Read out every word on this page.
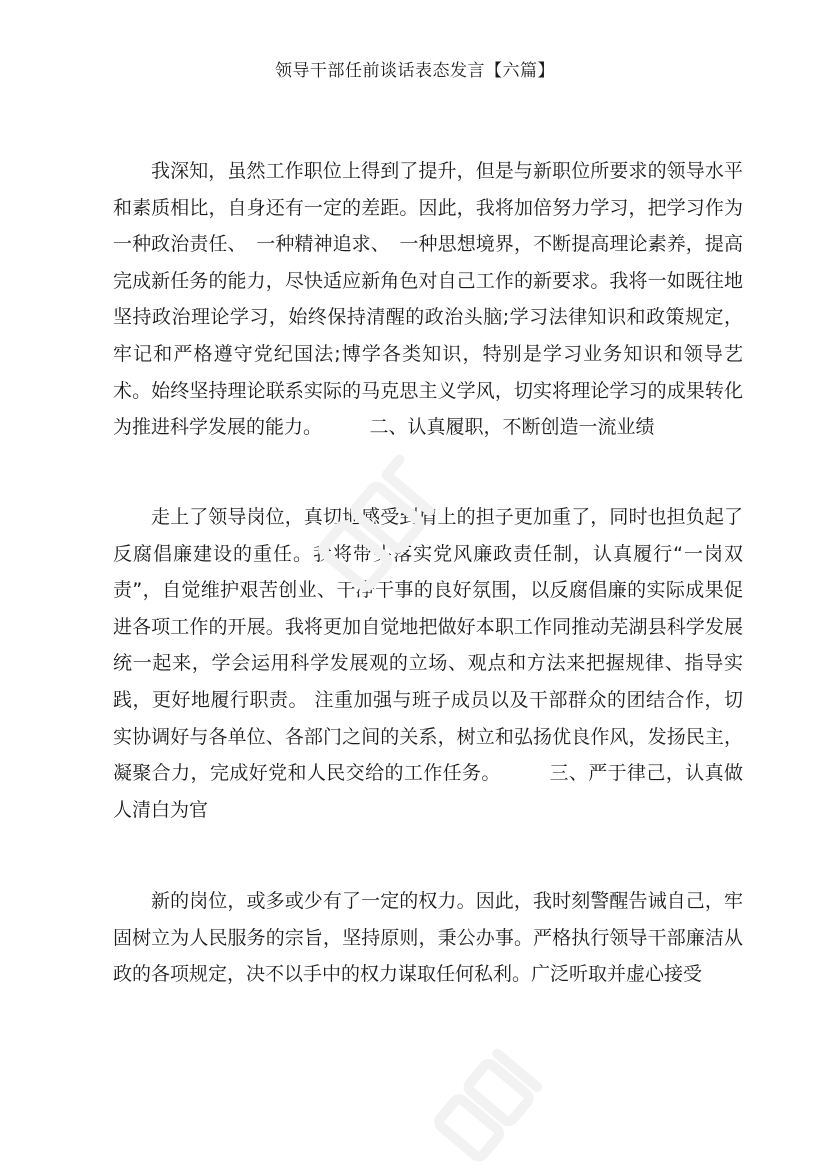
领导干部任前谈话表态发言【六篇】

我深知，虽然工作职位上得到了提升，但是与新职位所要求的领导水平和素质相比，自身还有一定的差距。因此，我将加倍努力学习，把学习作为一种政治责任、　一种精神追求、　一种思想境界，不断提高理论素养，提高完成新任务的能力，尽快适应新角色对自己工作的新要求。我将一如既往地坚持政治理论学习，始终保持清醒的政治头脑;学习法律知识和政策规定，牢记和严格遵守党纪国法;博学各类知识，特别是学习业务知识和领导艺术。始终坚持理论联系实际的马克思主义学风，切实将理论学习的成果转化为推进科学发展的能力。　　　二、认真履职，不断创造一流业绩

走上了领导岗位，真切地感受到肩上的担子更加重了，同时也担负起了反腐倡廉建设的重任。我将带头落实党风廉政责任制，认真履行“一岗双责”，自觉维护艰苦创业、干净干事的良好氛围，以反腐倡廉的实际成果促进各项工作的开展。我将更加自觉地把做好本职工作同推动芜湖县科学发展统一起来，学会运用科学发展观的立场、观点和方法来把握规律、指导实践，更好地履行职责。 注重加强与班子成员以及干部群众的团结合作，切实协调好与各单位、各部门之间的关系，树立和弘扬优良作风，发扬民主，凝聚合力，完成好党和人民交给的工作任务。　　　三、严于律己，认真做人清白为官

新的岗位，或多或少有了一定的权力。因此，我时刻警醒告诫自己，牢固树立为人民服务的宗旨，坚持原则，秉公办事。严格执行领导干部廉洁从政的各项规定，决不以手中的权力谋取任何私利。广泛听取并虚心接受
